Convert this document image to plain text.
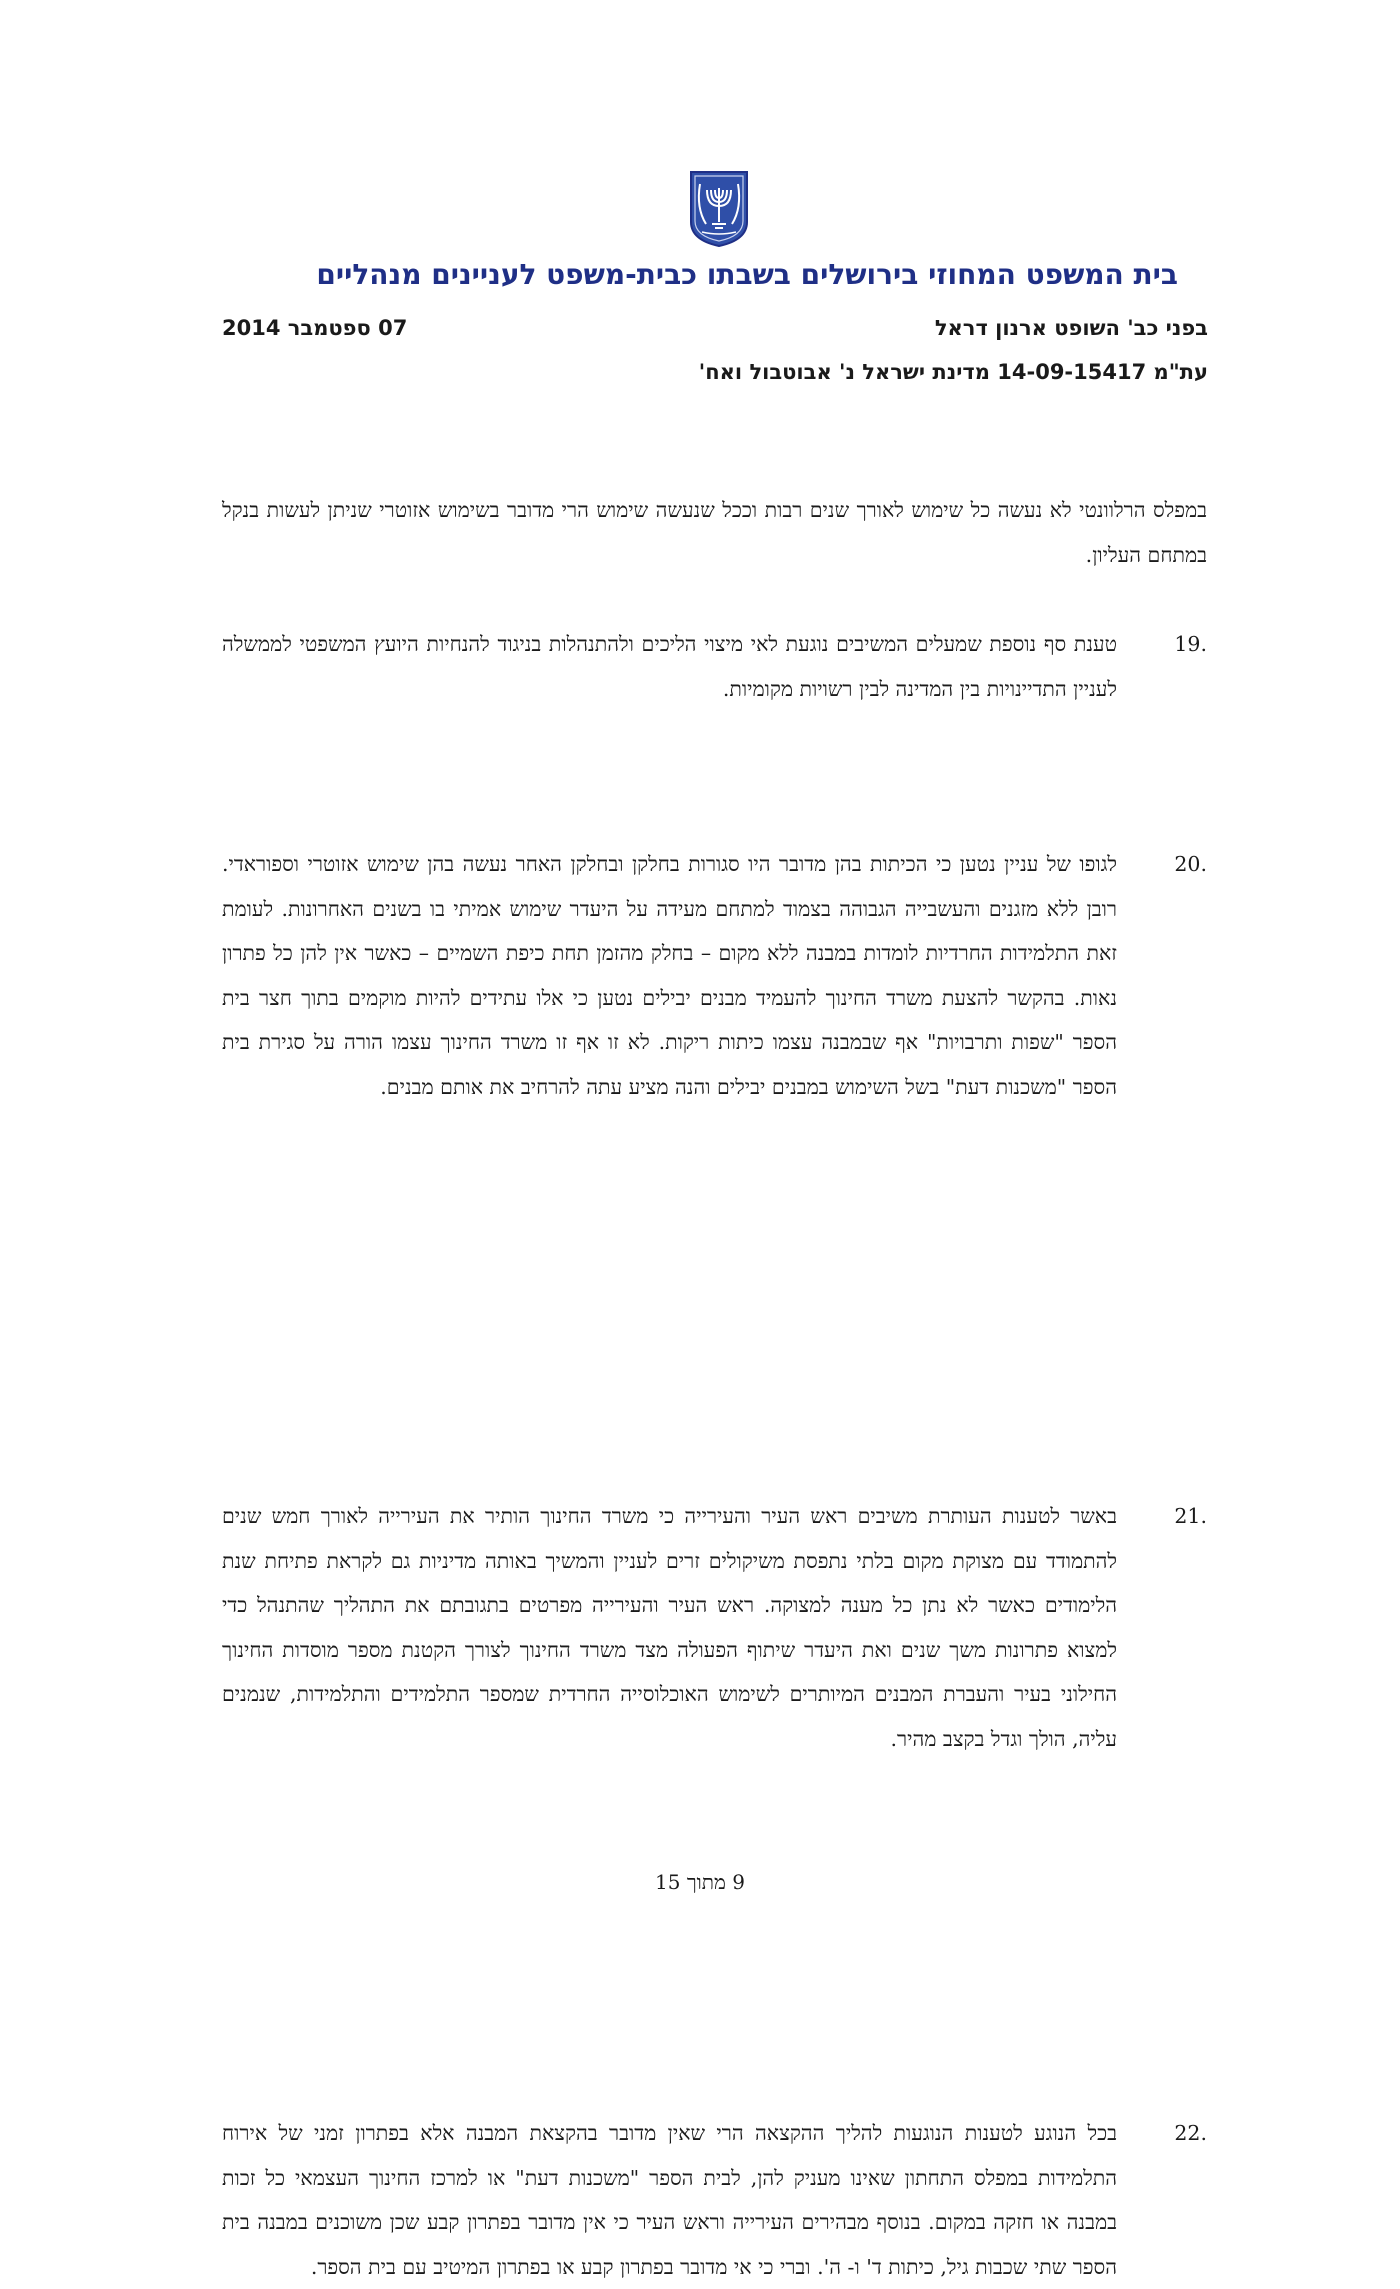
בית המשפט המחוזי בירושלים בשבתו כבית-משפט לעניינים מנהליים
בפני כב' השופט ארנון דראל
07 ספטמבר 2014
עת"מ 14-09-15417 מדינת ישראל נ' אבוטבול ואח'
במפלס הרלוונטי לא נעשה כל שימוש לאורך שנים רבות וככל שנעשה שימוש הרי מדובר בשימוש אזוטרי שניתן לעשות בנקל במתחם העליון.
19.
טענת סף נוספת שמעלים המשיבים נוגעת לאי מיצוי הליכים ולהתנהלות בניגוד להנחיות היועץ המשפטי לממשלה לעניין התדיינויות בין המדינה לבין רשויות מקומיות.
20.
לגופו של עניין נטען כי הכיתות בהן מדובר היו סגורות בחלקן ובחלקן האחר נעשה בהן שימוש אזוטרי וספוראדי. רובן ללא מזגנים והעשבייה הגבוהה בצמוד למתחם מעידה על היעדר שימוש אמיתי בו בשנים האחרונות. לעומת זאת התלמידות החרדיות לומדות במבנה ללא מקום – בחלק מהזמן תחת כיפת השמיים – כאשר אין להן כל פתרון נאות. בהקשר להצעת משרד החינוך להעמיד מבנים יבילים נטען כי אלו עתידים להיות מוקמים בתוך חצר בית הספר "שפות ותרבויות" אף שבמבנה עצמו כיתות ריקות. לא זו אף זו משרד החינוך עצמו הורה על סגירת בית הספר "משכנות דעת" בשל השימוש במבנים יבילים והנה מציע עתה להרחיב את אותם מבנים.
21.
באשר לטענות העותרת משיבים ראש העיר והעירייה כי משרד החינוך הותיר את העירייה לאורך חמש שנים להתמודד עם מצוקת מקום בלתי נתפסת משיקולים זרים לעניין והמשיך באותה מדיניות גם לקראת פתיחת שנת הלימודים כאשר לא נתן כל מענה למצוקה. ראש העיר והעירייה מפרטים בתגובתם את התהליך שהתנהל כדי למצוא פתרונות משך שנים ואת היעדר שיתוף הפעולה מצד משרד החינוך לצורך הקטנת מספר מוסדות החינוך החילוני בעיר והעברת המבנים המיותרים לשימוש האוכלוסייה החרדית שמספר התלמידים והתלמידות, שנמנים עליה, הולך וגדל בקצב מהיר.
22.
בכל הנוגע לטענות הנוגעות להליך ההקצאה הרי שאין מדובר בהקצאת המבנה אלא בפתרון זמני של אירוח התלמידות במפלס התחתון שאינו מעניק להן, לבית הספר "משכנות דעת" או למרכז החינוך העצמאי כל זכות במבנה או חזקה במקום. בנוסף מבהירים העירייה וראש העיר כי אין מדובר בפתרון קבע שכן משוכנים במבנה בית הספר שתי שכבות גיל, כיתות ד' ו- ה'. וברי כי אי מדובר בפתרון קבע או בפתרון המיטיב עם בית הספר.
9 מתוך 15
